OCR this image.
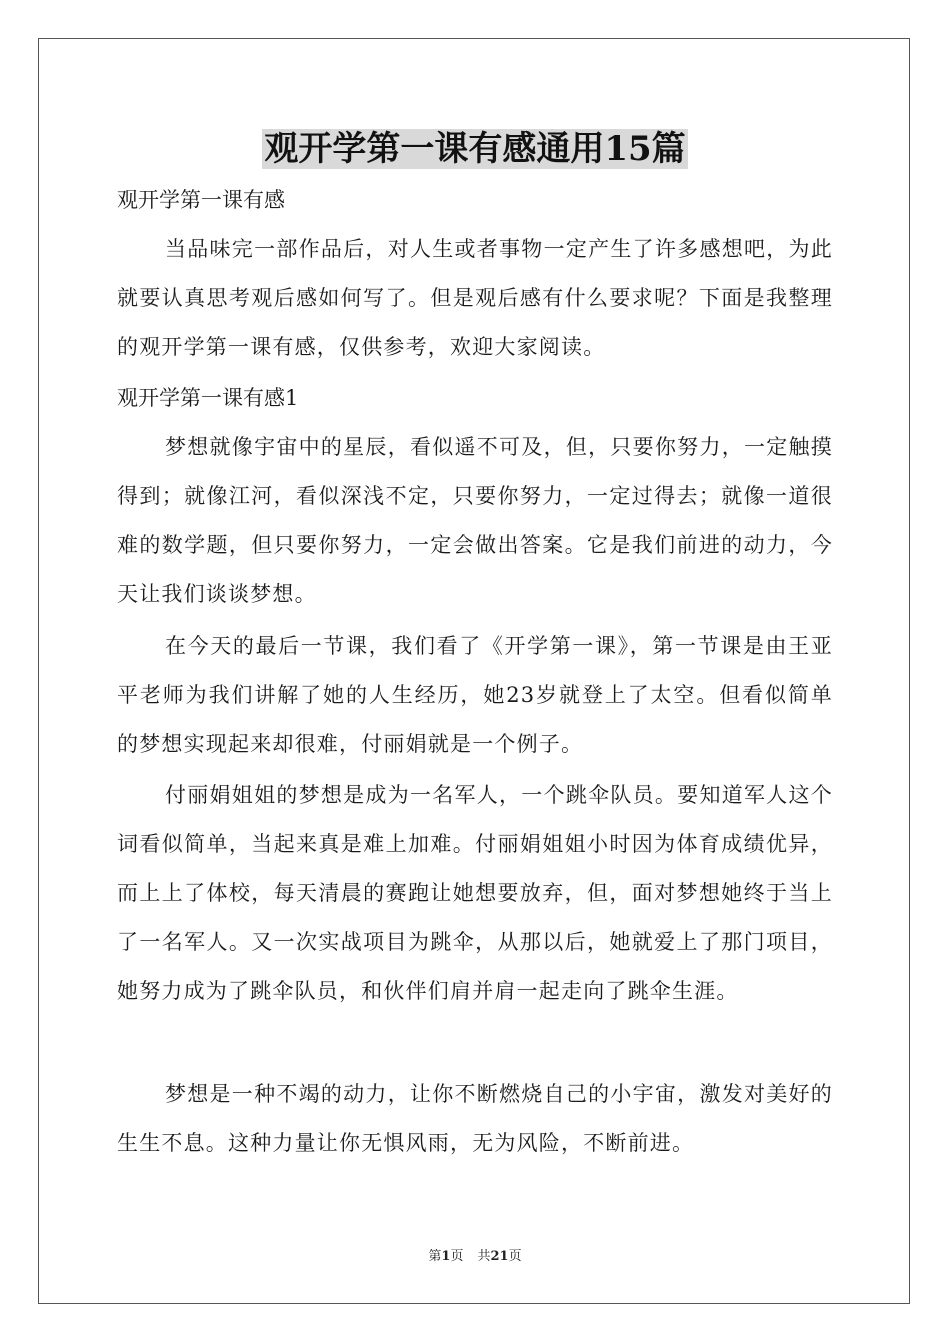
观开学第一课有感通用15篇

观开学第一课有感

当品味完一部作品后，对人生或者事物一定产生了许多感想吧，为此就要认真思考观后感如何写了。但是观后感有什么要求呢？下面是我整理的观开学第一课有感，仅供参考，欢迎大家阅读。

观开学第一课有感1

梦想就像宇宙中的星辰，看似遥不可及，但，只要你努力，一定触摸得到；就像江河，看似深浅不定，只要你努力，一定过得去；就像一道很难的数学题，但只要你努力，一定会做出答案。它是我们前进的动力，今天让我们谈谈梦想。

在今天的最后一节课，我们看了《开学第一课》，第一节课是由王亚平老师为我们讲解了她的人生经历，她23岁就登上了太空。但看似简单的梦想实现起来却很难，付丽娟就是一个例子。

付丽娟姐姐的梦想是成为一名军人，一个跳伞队员。要知道军人这个词看似简单，当起来真是难上加难。付丽娟姐姐小时因为体育成绩优异，而上上了体校，每天清晨的赛跑让她想要放弃，但，面对梦想她终于当上了一名军人。又一次实战项目为跳伞，从那以后，她就爱上了那门项目，她努力成为了跳伞队员，和伙伴们肩并肩一起走向了跳伞生涯。

梦想是一种不竭的动力，让你不断燃烧自己的小宇宙，激发对美好的生生不息。这种力量让你无惧风雨，无为风险，不断前进。

第1页 共21页
